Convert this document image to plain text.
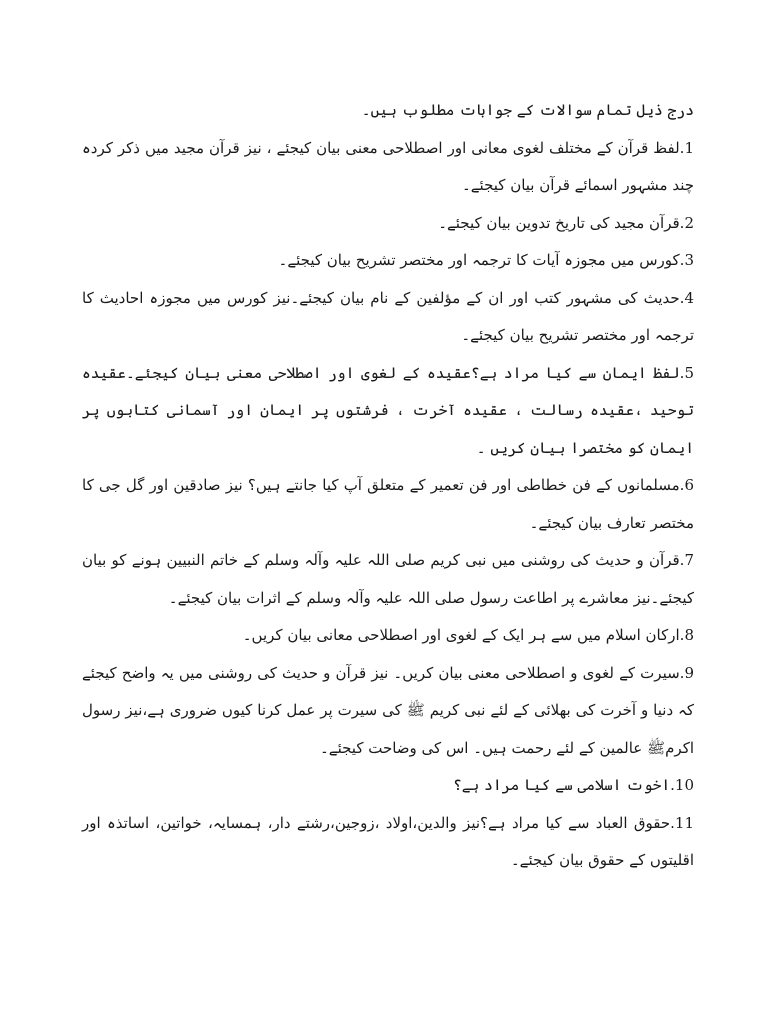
درج ذیل تمام سوالات کے جوابات مطلوب ہیں۔

1.لفظ قرآن کے مختلف لغوی معانی اور اصطلاحی معنی بیان کیجئے ، نیز قرآن مجید میں ذکر کردہ چند مشہور اسمائے قرآن بیان کیجئے۔

2.قرآن مجید کی تاریخ تدوین بیان کیجئے۔

3.کورس میں مجوزہ آیات کا ترجمہ اور مختصر تشریح بیان کیجئے۔

4.حدیث کی مشہور کتب اور ان کے مؤلفین کے نام بیان کیجئے۔نیز کورس میں مجوزہ احادیث کا ترجمہ اور مختصر تشریح بیان کیجئے۔

5.لفظ ایمان سے کیا مراد ہے؟عقیدہ کے لغوی اور اصطلاحی معنی بیان کیجئے۔عقیدہ توحید ،عقیدہ رسالت ، عقیدہ آخرت ، فرشتوں پر ایمان اور آسمانی کتابوں پر ایمان کو مختصرا بیان کریں ۔

6.مسلمانوں کے فن خطاطی اور فن تعمیر کے متعلق آپ کیا جانتے ہیں؟ نیز صادقین اور گل جی کا مختصر تعارف بیان کیجئے۔

7.قرآن و حدیث کی روشنی میں نبی کریم صلی اللہ علیہ وآلہ وسلم کے خاتم النبیین ہونے کو بیان کیجئے۔نیز معاشرے پر اطاعت رسول صلی اللہ علیہ وآلہ وسلم کے اثرات بیان کیجئے۔

8.ارکان اسلام میں سے ہر ایک کے لغوی اور اصطلاحی معانی بیان کریں۔

9.سیرت کے لغوی و اصطلاحی معنی بیان کریں۔ نیز قرآن و حدیث کی روشنی میں یہ واضح کیجئے کہ دنیا و آخرت کی بھلائی کے لئے نبی کریم ﷺ کی سیرت پر عمل کرنا کیوں ضروری ہے،نیز رسول اکرمﷺ عالمین کے لئے رحمت ہیں۔ اس کی وضاحت کیجئے۔

10.اخوت اسلامی سے کیا مراد ہے؟

11.حقوق العباد سے کیا مراد ہے؟نیز والدین،اولاد ،زوجین،رشتے دار، ہمسایہ، خواتین، اساتذہ اور اقلیتوں کے حقوق بیان کیجئے۔
